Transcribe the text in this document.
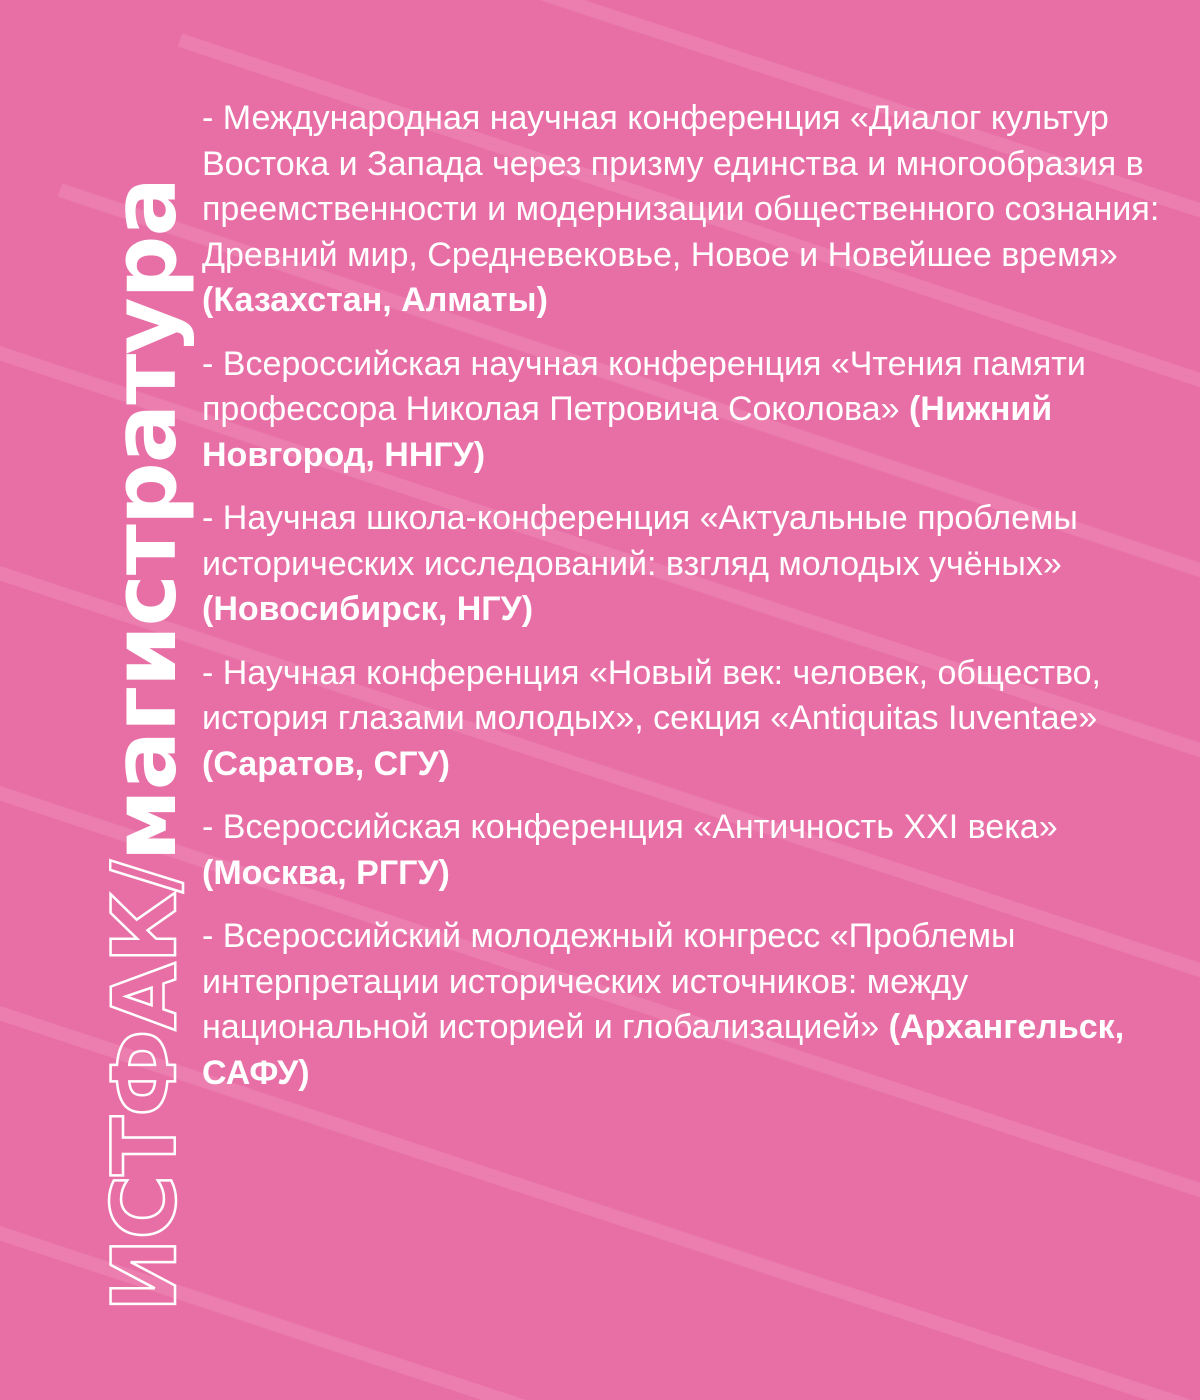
ИСТФАК/магистратура

- Международная научная конференция «Диалог культур Востока и Запада через призму единства и многообразия в преемственности и модернизации общественного сознания: Древний мир, Средневековье, Новое и Новейшее время» (Казахстан, Алматы)

- Всероссийская научная конференция «Чтения памяти профессора Николая Петровича Соколова» (Нижний Новгород, ННГУ)

- Научная школа-конференция «Актуальные проблемы исторических исследований: взгляд молодых учёных» (Новосибирск, НГУ)

- Научная конференция «Новый век: человек, общество, история глазами молодых», секция «Antiquitas Iuventae» (Саратов, СГУ)

- Всероссийская конференция «Античность XXI века» (Москва, РГГУ)

- Всероссийский молодежный конгресс «Проблемы интерпретации исторических источников: между национальной историей и глобализацией» (Архангельск, САФУ)
